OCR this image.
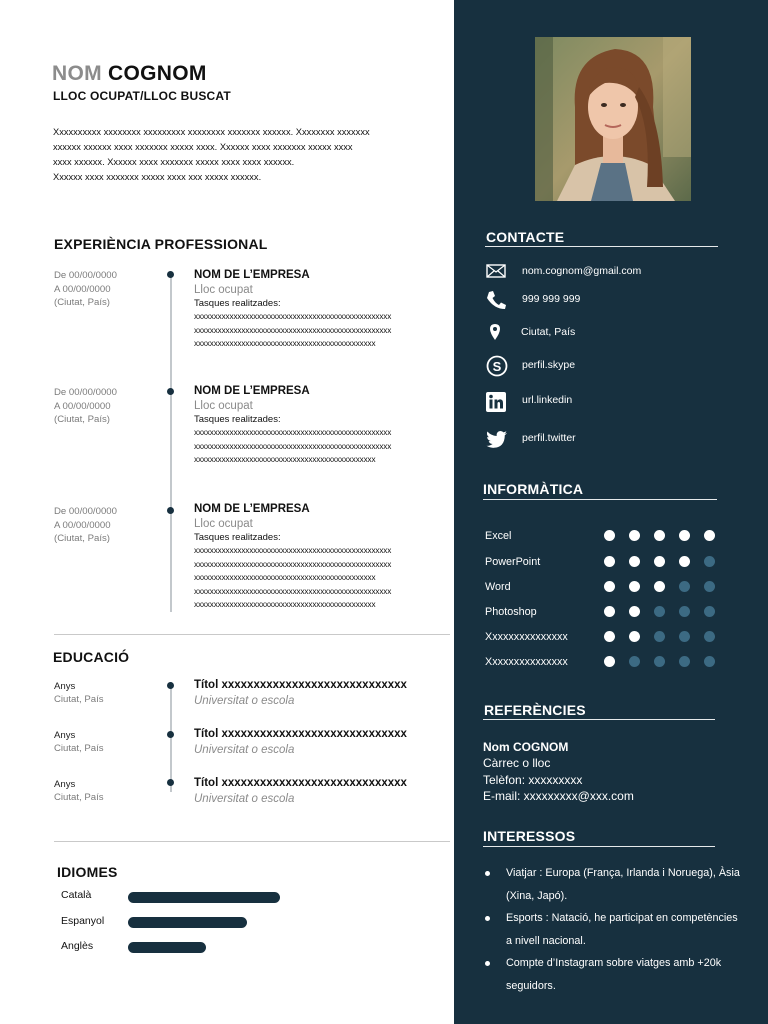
NOM COGNOM
LLOC OCUPAT/LLOC BUSCAT
Xxxxxxxxxx xxxxxxxx xxxxxxxxx xxxxxxxx xxxxxxx xxxxxx. Xxxxxxxx xxxxxxx
xxxxxx xxxxxx xxxx xxxxxxx xxxxx xxxx. Xxxxxx xxxx xxxxxxx xxxxx xxxx
xxxx xxxxxx. Xxxxxx xxxx xxxxxxx xxxxx xxxx xxxx xxxxxx.
Xxxxxx xxxx xxxxxxx xxxxx xxxx xxx xxxxx xxxxxx.
EXPERIÈNCIA PROFESSIONAL
De 00/00/0000
A 00/00/0000
(Ciutat, País)
NOM DE L’EMPRESA
Lloc ocupat
Tasques realitzades:
xxxxxxxxxxxxxxxxxxxxxxxxxxxxxxxxxxxxxxxxxxxxxxxxxx
xxxxxxxxxxxxxxxxxxxxxxxxxxxxxxxxxxxxxxxxxxxxxxxxxx
xxxxxxxxxxxxxxxxxxxxxxxxxxxxxxxxxxxxxxxxxxxxxx
De 00/00/0000
A 00/00/0000
(Ciutat, País)
NOM DE L’EMPRESA
Lloc ocupat
Tasques realitzades:
xxxxxxxxxxxxxxxxxxxxxxxxxxxxxxxxxxxxxxxxxxxxxxxxxx
xxxxxxxxxxxxxxxxxxxxxxxxxxxxxxxxxxxxxxxxxxxxxxxxxx
xxxxxxxxxxxxxxxxxxxxxxxxxxxxxxxxxxxxxxxxxxxxxx
De 00/00/0000
A 00/00/0000
(Ciutat, País)
NOM DE L’EMPRESA
Lloc ocupat
Tasques realitzades:
xxxxxxxxxxxxxxxxxxxxxxxxxxxxxxxxxxxxxxxxxxxxxxxxxx
xxxxxxxxxxxxxxxxxxxxxxxxxxxxxxxxxxxxxxxxxxxxxxxxxx
xxxxxxxxxxxxxxxxxxxxxxxxxxxxxxxxxxxxxxxxxxxxxx
xxxxxxxxxxxxxxxxxxxxxxxxxxxxxxxxxxxxxxxxxxxxxxxxxx
xxxxxxxxxxxxxxxxxxxxxxxxxxxxxxxxxxxxxxxxxxxxxx
EDUCACIÓ
Anys
Ciutat, País
Títol xxxxxxxxxxxxxxxxxxxxxxxxxxxxx
Universitat o escola
Anys
Ciutat, País
Títol xxxxxxxxxxxxxxxxxxxxxxxxxxxxx
Universitat o escola
Anys
Ciutat, País
Títol xxxxxxxxxxxxxxxxxxxxxxxxxxxxx
Universitat o escola
IDIOMES
Català
Espanyol
Anglès
CONTACTE
nom.cognom@gmail.com
999 999 999
Ciutat, País
S perfil.skype
url.linkedin
perfil.twitter
INFORMÀTICA
Excel
PowerPoint
Word
Photoshop
Xxxxxxxxxxxxxxx
Xxxxxxxxxxxxxxx
REFERÈNCIES
Nom COGNOM
Càrrec o lloc
Telèfon: xxxxxxxxx
E-mail: xxxxxxxxx@xxx.com
INTERESSOS
Viatjar : Europa (França, Irlanda i Noruega), Àsia (Xina, Japó).
Esports : Natació, he participat en competències a nivell nacional.
Compte d’Instagram sobre viatges amb +20k seguidors.
